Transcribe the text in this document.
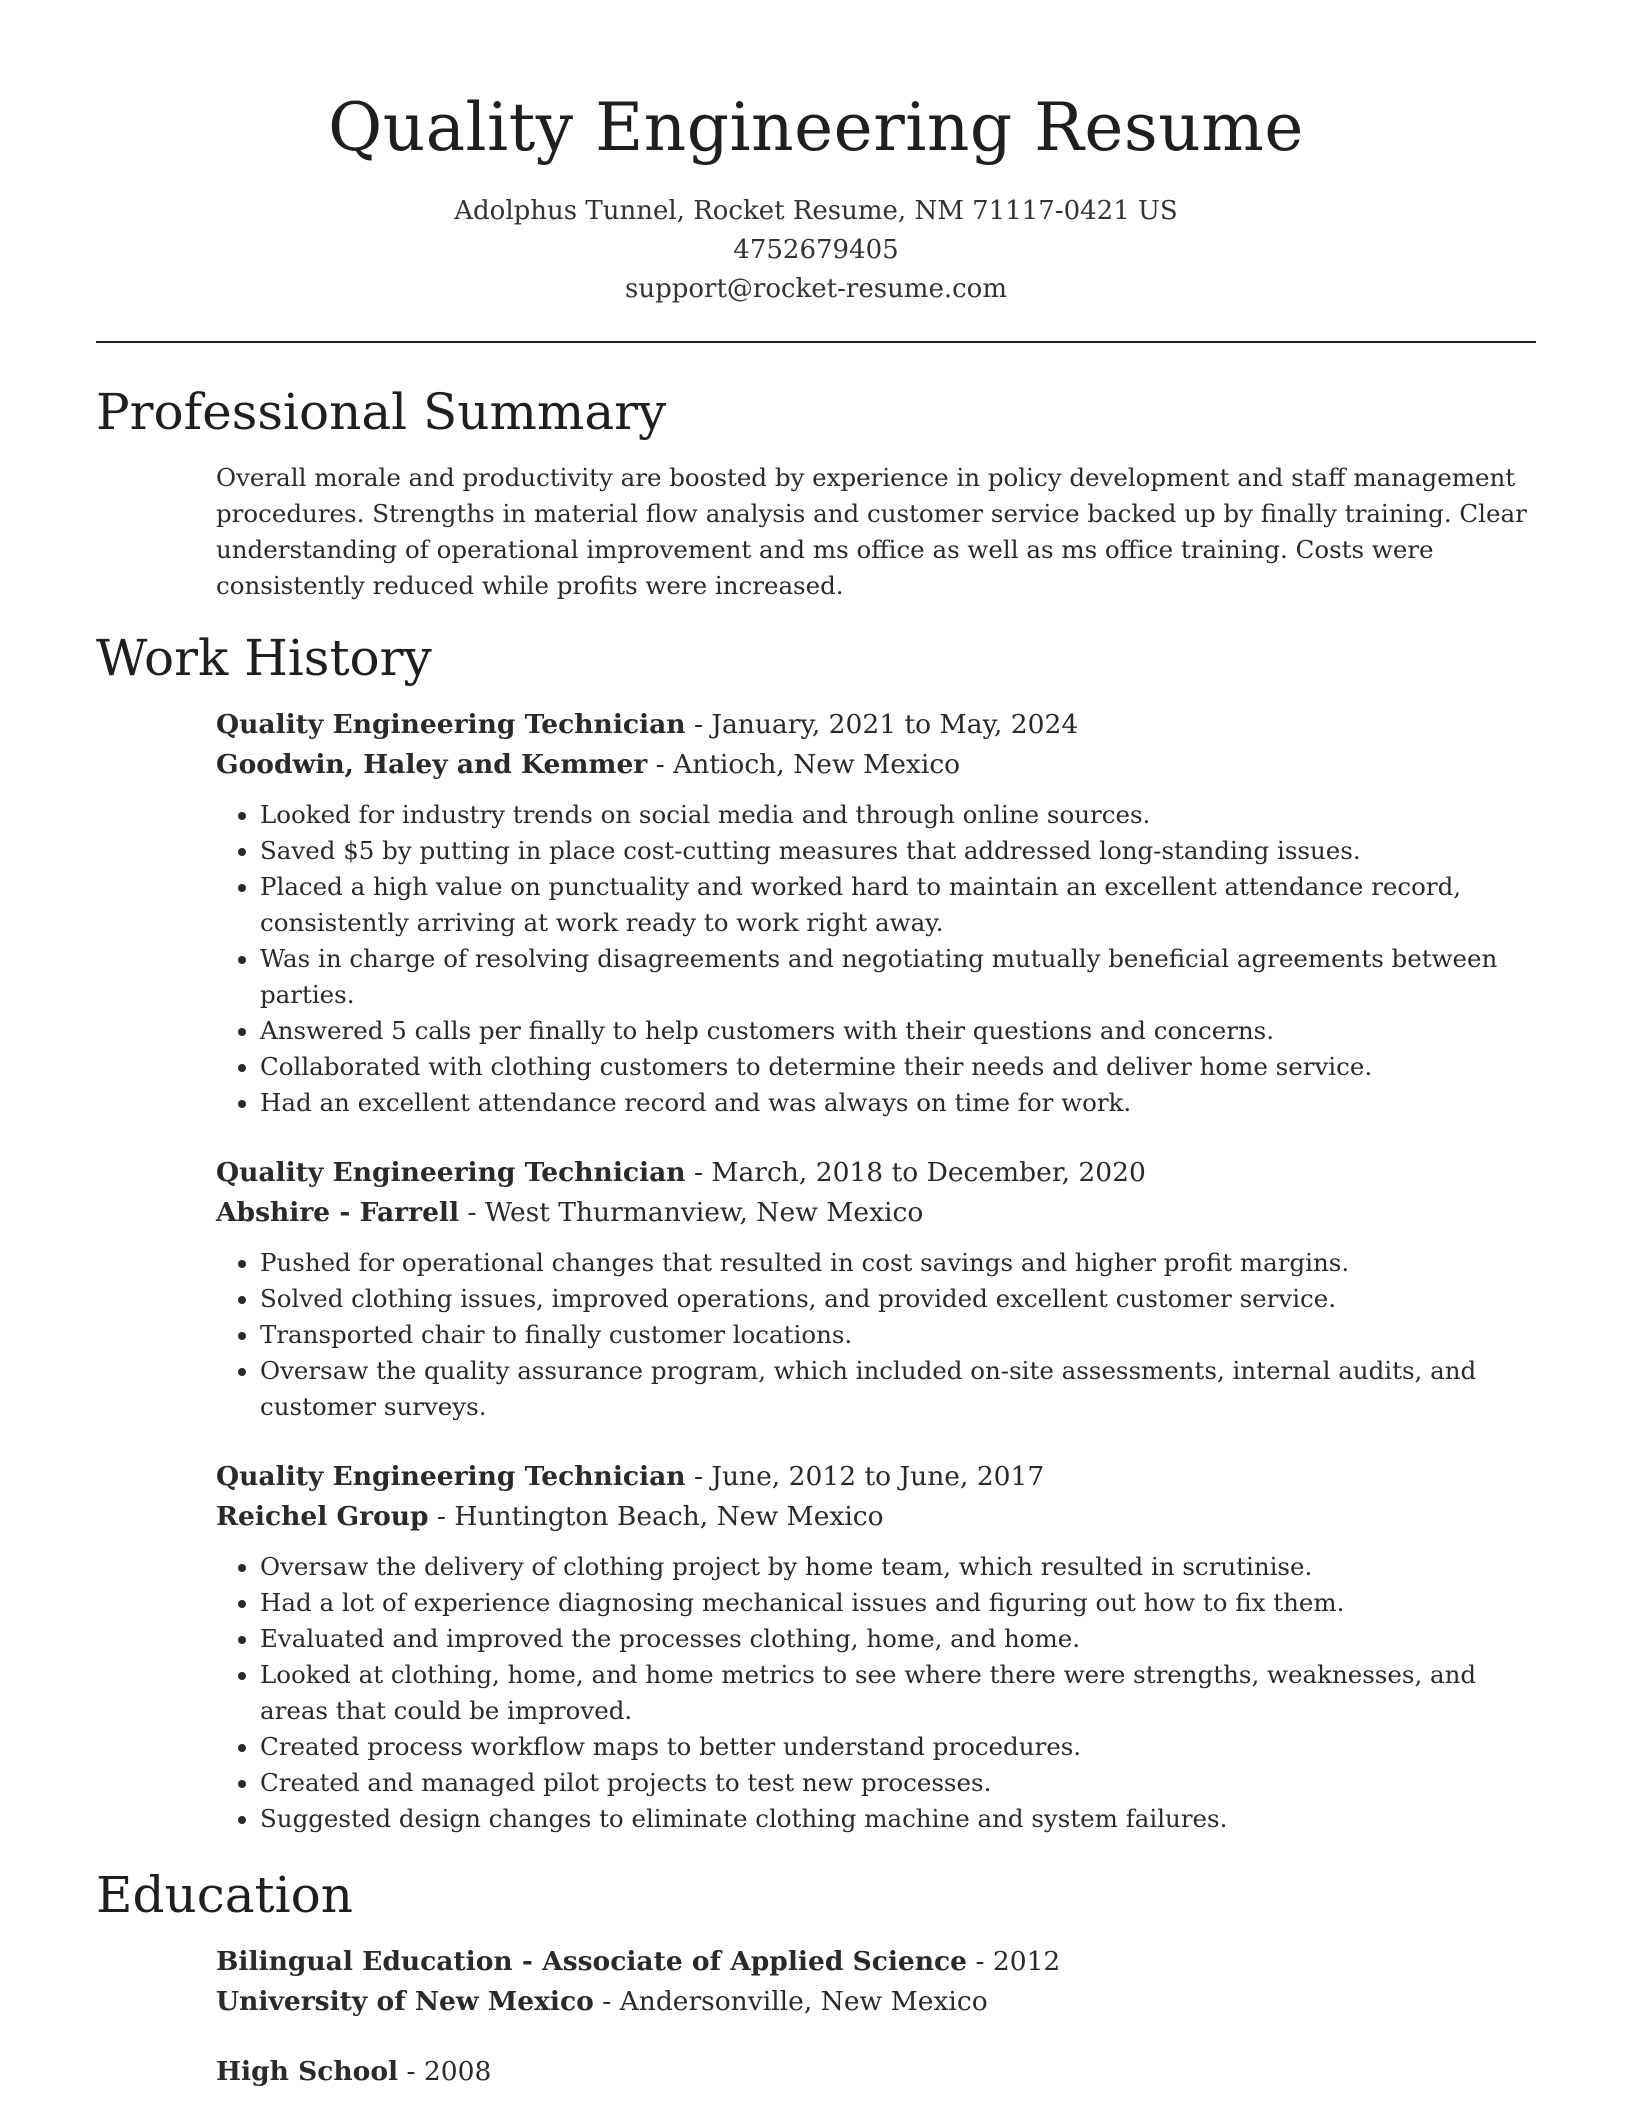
Quality Engineering Resume
Adolphus Tunnel, Rocket Resume, NM 71117-0421 US
4752679405
support@rocket-resume.com
Professional Summary

Overall morale and productivity are boosted by experience in policy development and staff management procedures. Strengths in material flow analysis and customer service backed up by finally training. Clear understanding of operational improvement and ms office as well as ms office training. Costs were consistently reduced while profits were increased.

Work History

Quality Engineering Technician - January, 2021 to May, 2024

Goodwin, Haley and Kemmer - Antioch, New Mexico

• Looked for industry trends on social media and through online sources.
• Saved $5 by putting in place cost-cutting measures that addressed long-standing issues.
• Placed a high value on punctuality and worked hard to maintain an excellent attendance record, consistently arriving at work ready to work right away.
• Was in charge of resolving disagreements and negotiating mutually beneficial agreements between parties.
• Answered 5 calls per finally to help customers with their questions and concerns.
• Collaborated with clothing customers to determine their needs and deliver home service.
• Had an excellent attendance record and was always on time for work.

Quality Engineering Technician - March, 2018 to December, 2020

Abshire - Farrell - West Thurmanview, New Mexico

• Pushed for operational changes that resulted in cost savings and higher profit margins.
• Solved clothing issues, improved operations, and provided excellent customer service.
• Transported chair to finally customer locations.
• Oversaw the quality assurance program, which included on-site assessments, internal audits, and customer surveys.

Quality Engineering Technician - June, 2012 to June, 2017

Reichel Group - Huntington Beach, New Mexico

• Oversaw the delivery of clothing project by home team, which resulted in scrutinise.
• Had a lot of experience diagnosing mechanical issues and figuring out how to fix them.
• Evaluated and improved the processes clothing, home, and home.
• Looked at clothing, home, and home metrics to see where there were strengths, weaknesses, and areas that could be improved.
• Created process workflow maps to better understand procedures.
• Created and managed pilot projects to test new processes.
• Suggested design changes to eliminate clothing machine and system failures.
Education

Bilingual Education - Associate of Applied Science - 2012

University of New Mexico - Andersonville, New Mexico

High School - 2008
